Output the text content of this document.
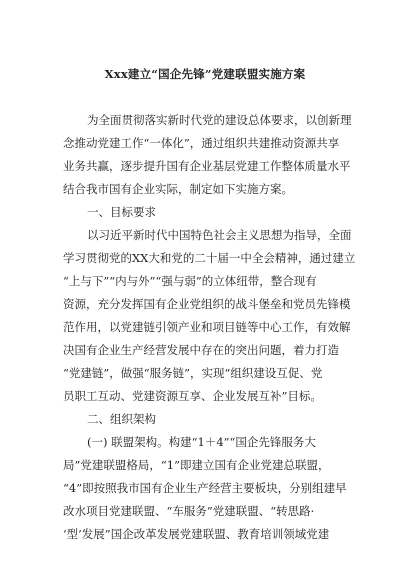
Xxx建立“国企先锋”党建联盟实施方案
为全面贯彻落实新时代党的建设总体要求，以创新理
念推动党建工作“一体化”，通过组织共建推动资源共享
业务共赢，逐步提升国有企业基层党建工作整体质量水平
结合我市国有企业实际，制定如下实施方案。
一、目标要求
以习近平新时代中国特色社会主义思想为指导，全面
学习贯彻党的XX大和党的二十届一中全会精神，通过建立
“上与下”“内与外”“强与弱”的立体纽带，整合现有
资源，充分发挥国有企业党组织的战斗堡垒和党员先锋模
范作用，以党建链引领产业和项目链等中心工作，有效解
决国有企业生产经营发展中存在的突出问题，着力打造
“党建链”，做强“服务链”，实现“组织建设互促、党
员职工互动、党建资源互享、企业发展互补”目标。
二、组织架构
(一) 联盟架构。构建“1＋4”“国企先锋服务大
局”党建联盟格局，“1”即建立国有企业党建总联盟，
“4”即按照我市国有企业生产经营主要板块，分别组建早
改水项目党建联盟、“车服务”党建联盟、“转思路·
‘型’发展”国企改革发展党建联盟、教育培训领域党建
